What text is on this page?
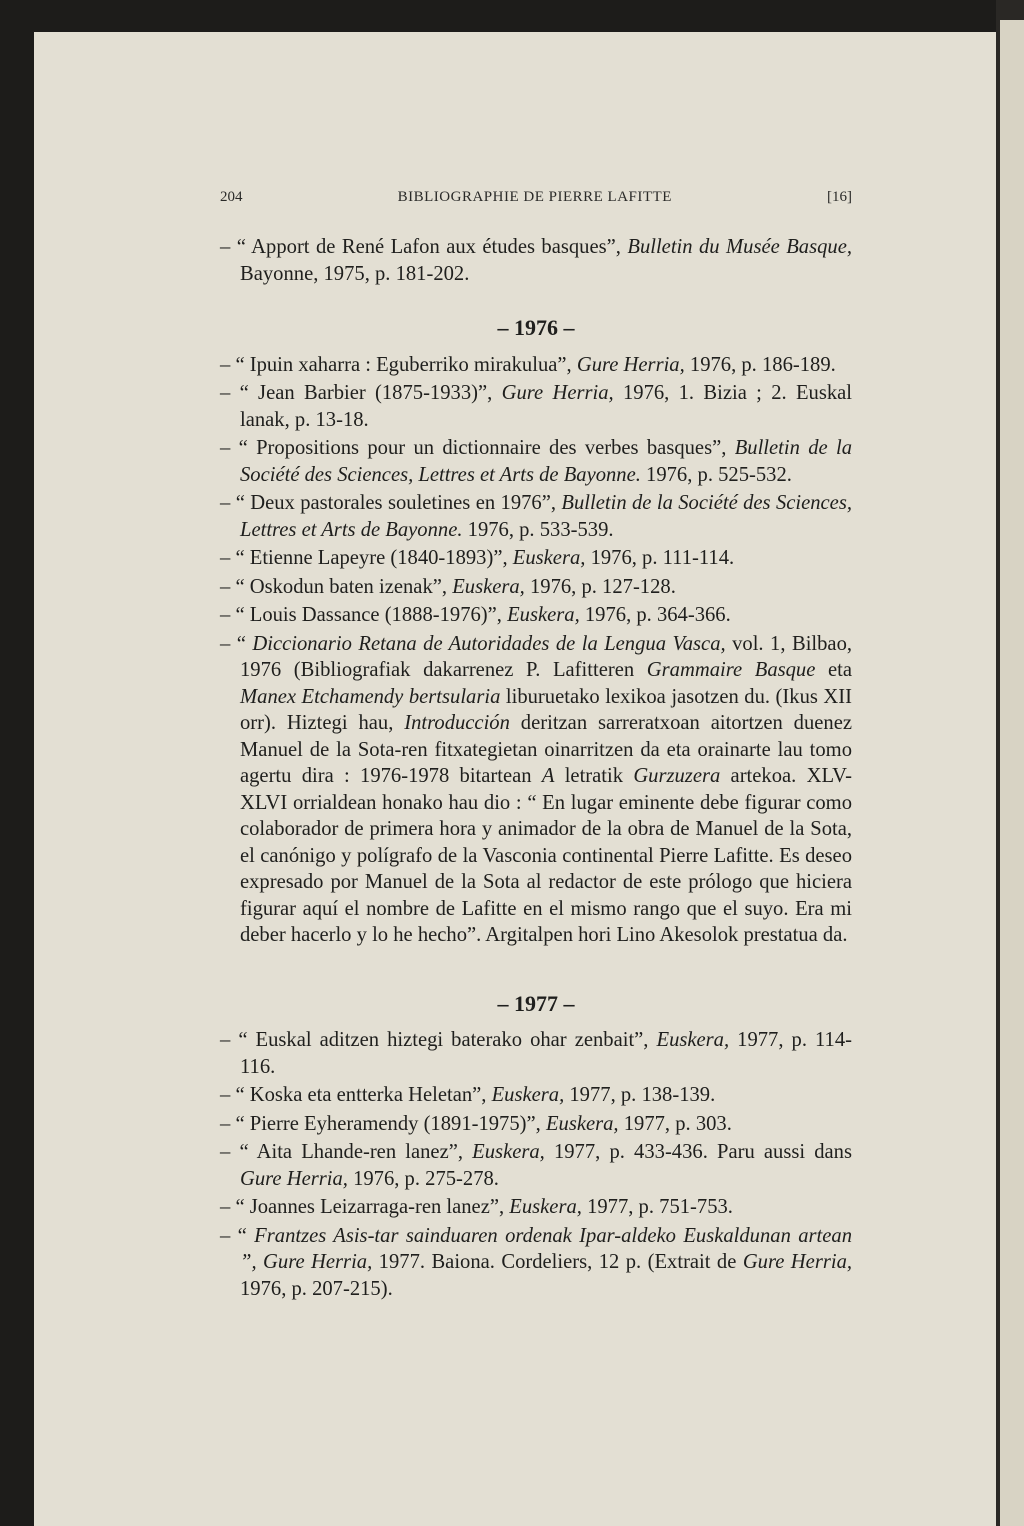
204	BIBLIOGRAPHIE DE PIERRE LAFITTE	[16]
– “ Apport de René Lafon aux études basques”, Bulletin du Musée Basque, Bayonne, 1975, p. 181-202.
– 1976 –
– “ Ipuin xaharra : Eguberriko mirakulua”, Gure Herria, 1976, p. 186-189.
– “ Jean Barbier (1875-1933)”, Gure Herria, 1976, 1. Bizia ; 2. Euskal lanak, p. 13-18.
– “ Propositions pour un dictionnaire des verbes basques”, Bulletin de la Société des Sciences, Lettres et Arts de Bayonne. 1976, p. 525-532.
– “ Deux pastorales souletines en 1976”, Bulletin de la Société des Sciences, Lettres et Arts de Bayonne. 1976, p. 533-539.
– “ Etienne Lapeyre (1840-1893)”, Euskera, 1976, p. 111-114.
– “ Oskodun baten izenak”, Euskera, 1976, p. 127-128.
– “ Louis Dassance (1888-1976)”, Euskera, 1976, p. 364-366.
– “ Diccionario Retana de Autoridades de la Lengua Vasca, vol. 1, Bilbao, 1976 (Bibliografiak dakarrenez P. Lafitteren Grammaire Basque eta Manex Etchamendy bertsularia liburuetako lexikoa jasotzen du. (Ikus XII orr). Hiztegi hau, Introducción deritzan sarreratxoan aitortzen duenez Manuel de la Sota-ren fitxategietan oinarritzen da eta orainarte lau tomo agertu dira : 1976-1978 bitartean A letratik Gurzuzera artekoa. XLV-XLVI orrialdean honako hau dio : “ En lugar eminente debe figurar como colaborador de primera hora y animador de la obra de Manuel de la Sota, el canónigo y polígrafo de la Vasconia continental Pierre Lafitte. Es deseo expresado por Manuel de la Sota al redactor de este prólogo que hiciera figurar aquí el nombre de Lafitte en el mismo rango que el suyo. Era mi deber hacerlo y lo he hecho”. Argitalpen hori Lino Akesolok prestatua da.
– 1977 –
– “ Euskal aditzen hiztegi baterako ohar zenbait”, Euskera, 1977, p. 114-116.
– “ Koska eta entterka Heletan”, Euskera, 1977, p. 138-139.
– “ Pierre Eyheramendy (1891-1975)”, Euskera, 1977, p. 303.
– “ Aita Lhande-ren lanez”, Euskera, 1977, p. 433-436. Paru aussi dans Gure Herria, 1976, p. 275-278.
– “ Joannes Leizarraga-ren lanez”, Euskera, 1977, p. 751-753.
– “ Frantzes Asis-tar sainduaren ordenak Ipar-aldeko Euskaldunan artean ”, Gure Herria, 1977. Baiona. Cordeliers, 12 p. (Extrait de Gure Herria, 1976, p. 207-215).
